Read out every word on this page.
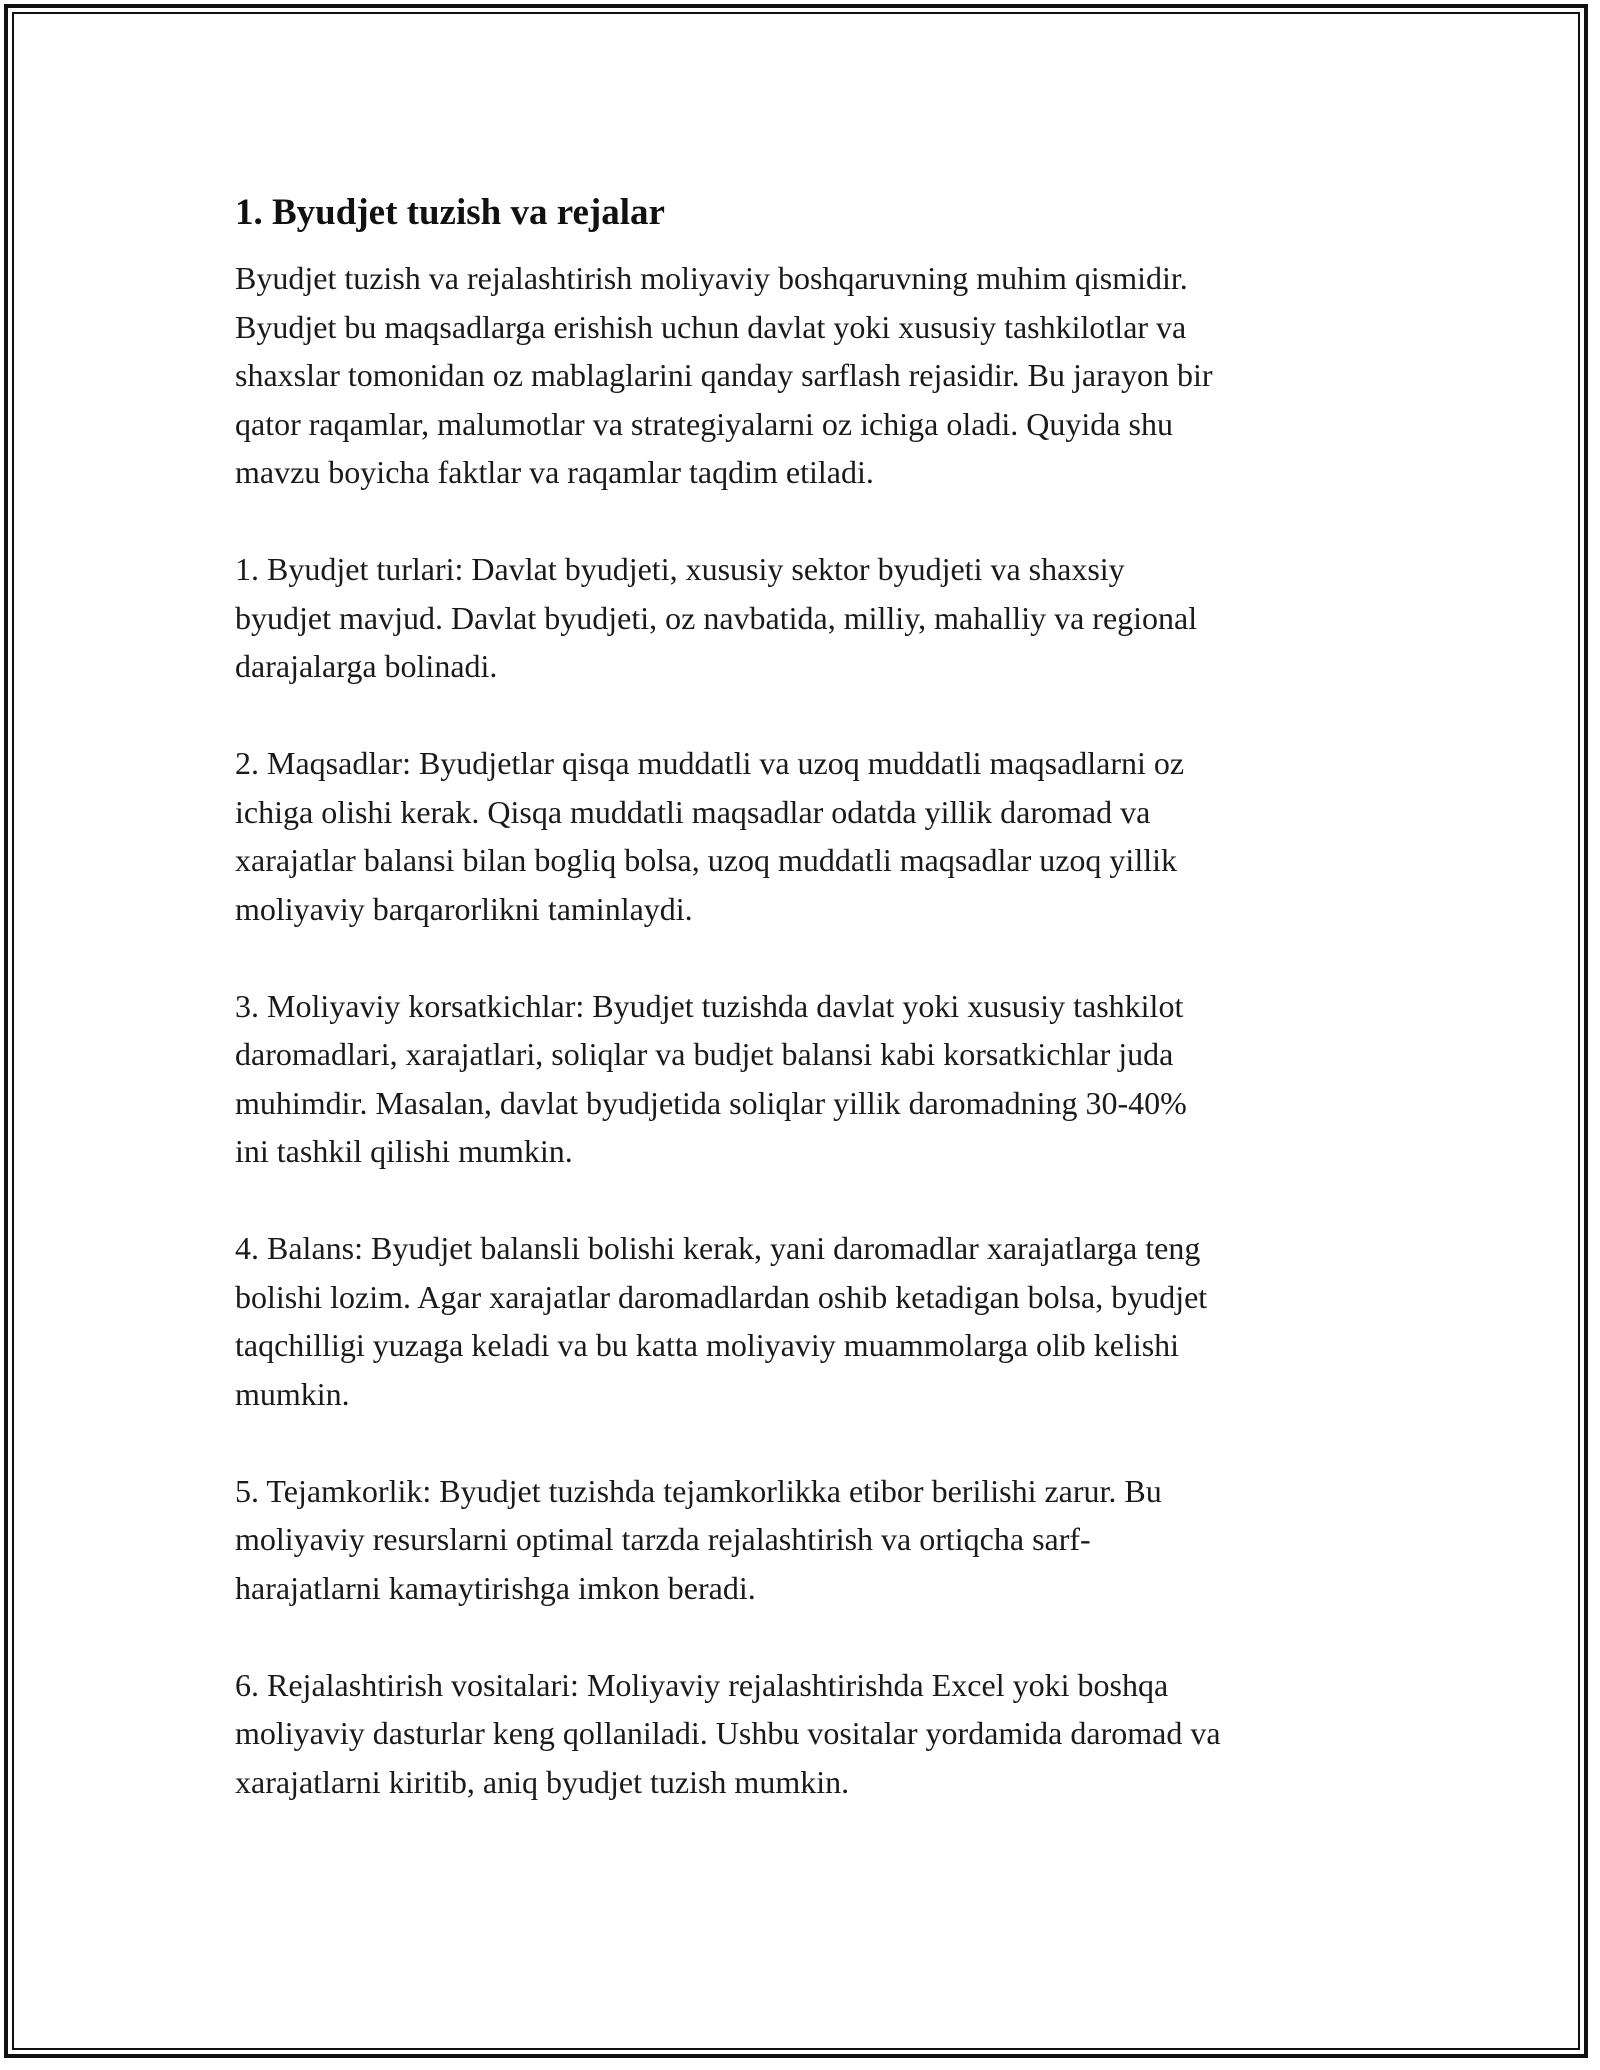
1. Byudjet tuzish va rejalar

Byudjet tuzish va rejalashtirish moliyaviy boshqaruvning muhim qismidir.
Byudjet bu maqsadlarga erishish uchun davlat yoki xususiy tashkilotlar va
shaxslar tomonidan oz mablaglarini qanday sarflash rejasidir. Bu jarayon bir
qator raqamlar, malumotlar va strategiyalarni oz ichiga oladi. Quyida shu
mavzu boyicha faktlar va raqamlar taqdim etiladi.

1. Byudjet turlari: Davlat byudjeti, xususiy sektor byudjeti va shaxsiy
byudjet mavjud. Davlat byudjeti, oz navbatida, milliy, mahalliy va regional
darajalarga bolinadi.

2. Maqsadlar: Byudjetlar qisqa muddatli va uzoq muddatli maqsadlarni oz
ichiga olishi kerak. Qisqa muddatli maqsadlar odatda yillik daromad va
xarajatlar balansi bilan bogliq bolsa, uzoq muddatli maqsadlar uzoq yillik
moliyaviy barqarorlikni taminlaydi.

3. Moliyaviy korsatkichlar: Byudjet tuzishda davlat yoki xususiy tashkilot
daromadlari, xarajatlari, soliqlar va budjet balansi kabi korsatkichlar juda
muhimdir. Masalan, davlat byudjetida soliqlar yillik daromadning 30-40%
ini tashkil qilishi mumkin.

4. Balans: Byudjet balansli bolishi kerak, yani daromadlar xarajatlarga teng
bolishi lozim. Agar xarajatlar daromadlardan oshib ketadigan bolsa, byudjet
taqchilligi yuzaga keladi va bu katta moliyaviy muammolarga olib kelishi
mumkin.

5. Tejamkorlik: Byudjet tuzishda tejamkorlikka etibor berilishi zarur. Bu
moliyaviy resurslarni optimal tarzda rejalashtirish va ortiqcha sarf-
harajatlarni kamaytirishga imkon beradi.

6. Rejalashtirish vositalari: Moliyaviy rejalashtirishda Excel yoki boshqa
moliyaviy dasturlar keng qollaniladi. Ushbu vositalar yordamida daromad va
xarajatlarni kiritib, aniq byudjet tuzish mumkin.
